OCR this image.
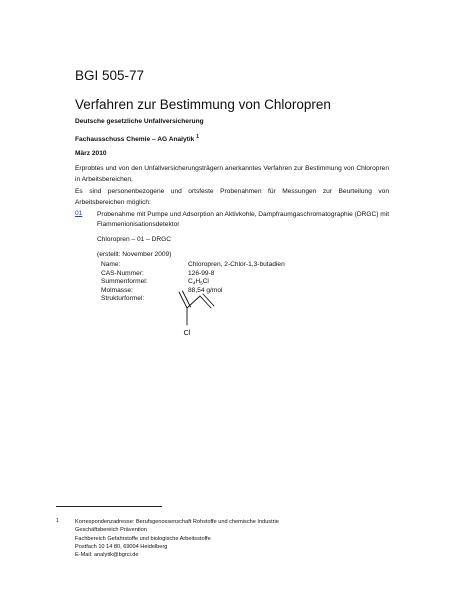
BGI 505-77
Verfahren zur Bestimmung von Chloropren
Deutsche gesetzliche Unfallversicherung
Fachausschuss Chemie – AG Analytik $^1$
März 2010
Erprobtes und von den Unfallversicherungsträgern anerkanntes Verfahren zur Bestimmung von Chloropren in Arbeitsbereichen.
Es sind personenbezogene und ortsfeste Probenahmen für Messungen zur Beurteilung von Arbeitsbereichen möglich:
01 Probenahme mit Pumpe und Adsorption an Aktivkohle, Dampfraumgaschromatographie (DRGC) mit Flammenionisationsdetektor
Chloropren – 01 – DRGC
(erstellt: November 2009)
Name:	Chloropren, 2-Chlor-1,3-butadien
CAS-Nummer:	126-99-8
Summenformel:	$C_4H_5Cl$
Molmasse:	88,54 g/mol
Strukturformel:
Cl
1	Korrespondenzadresse: Berufsgenossenschaft Rohstoffe und chemische Industrie
Geschäftsbereich Prävention
Fachbereich Gefahrstoffe und biologische Arbeitsstoffe
Postfach 10 14 80, 69004 Heidelberg
E-Mail: analytik@bgrci.de
